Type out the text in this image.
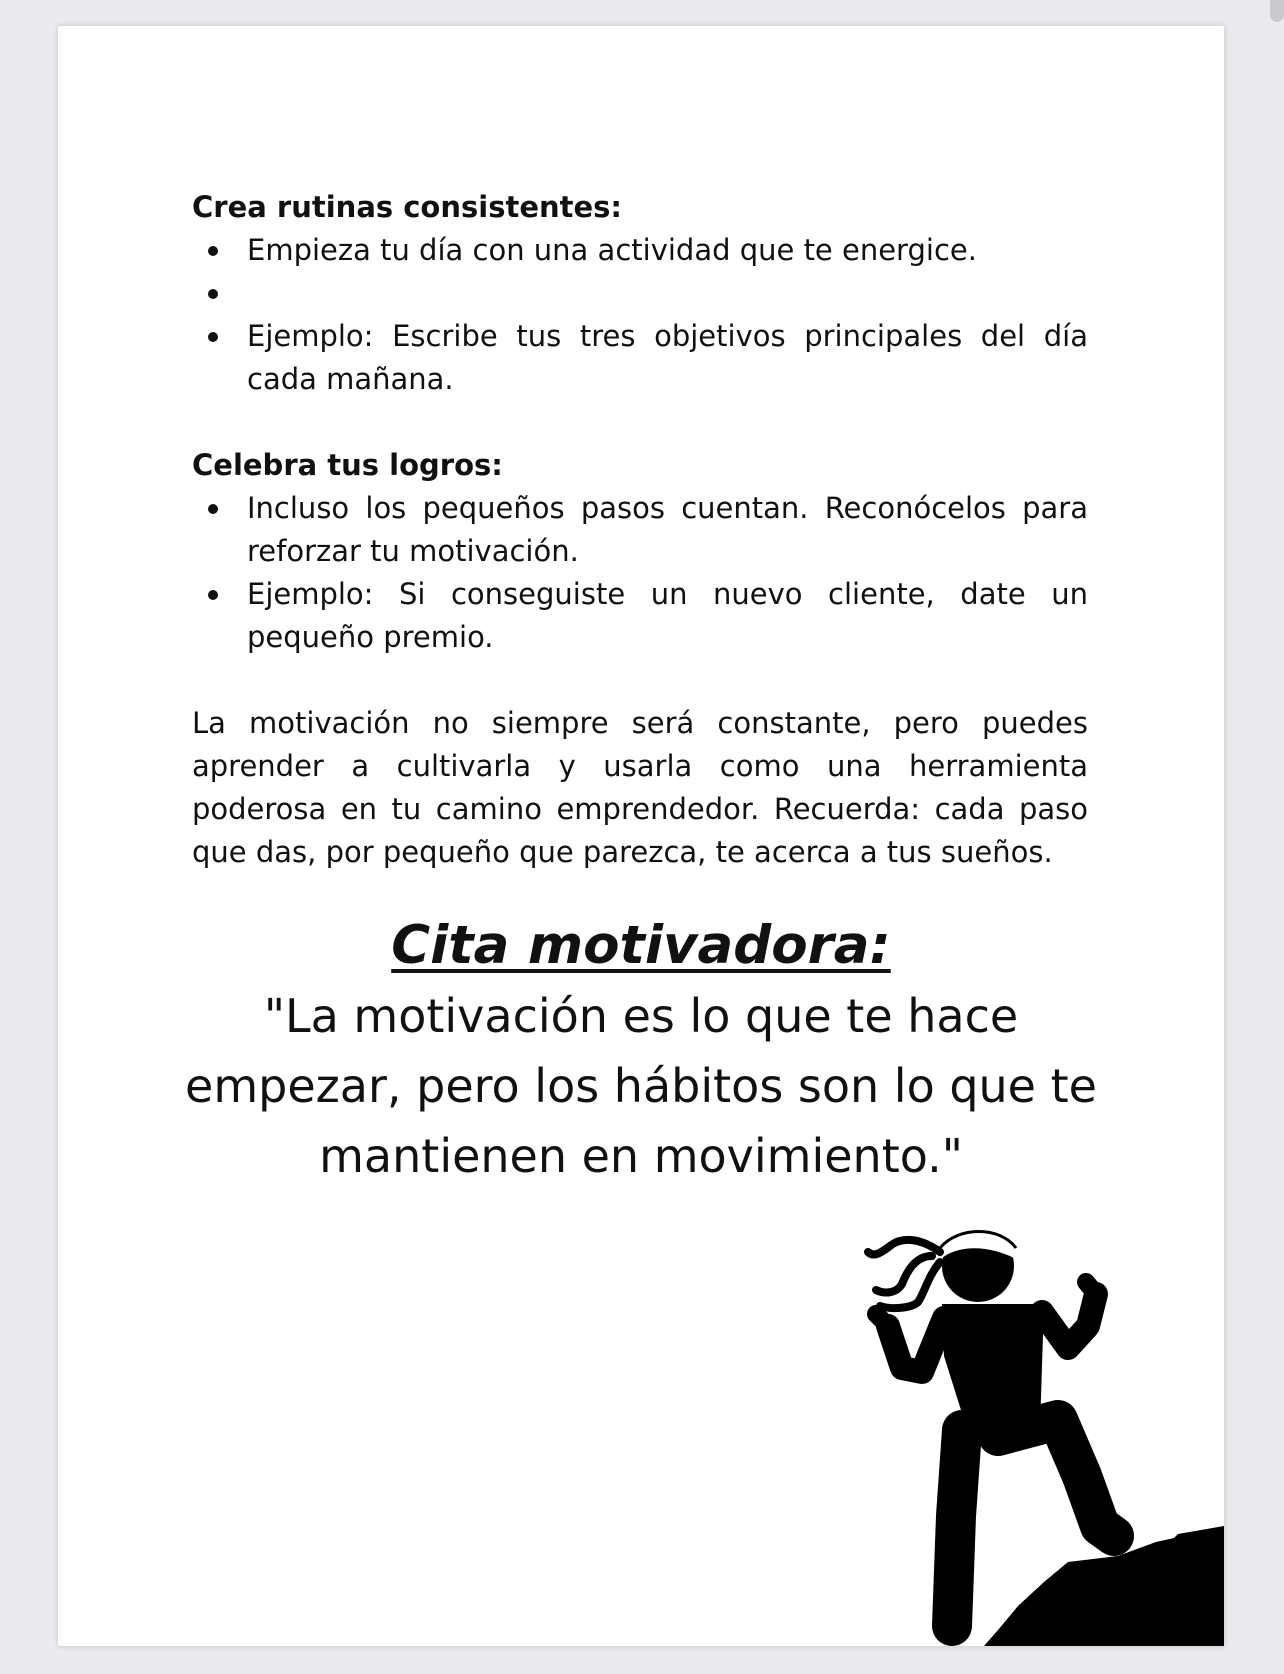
Crea rutinas consistentes:

Empieza tu día con una actividad que te energice.
Ejemplo: Escribe tus tres objetivos principales del día cada mañana.

Celebra tus logros:

Incluso los pequeños pasos cuentan. Reconócelos para reforzar tu motivación.
Ejemplo: Si conseguiste un nuevo cliente, date un pequeño premio.

La motivación no siempre será constante, pero puedes aprender a cultivarla y usarla como una herramienta poderosa en tu camino emprendedor. Recuerda: cada paso que das, por pequeño que parezca, te acerca a tus sueños.

Cita motivadora:
"La motivación es lo que te hace empezar, pero los hábitos son lo que te mantienen en movimiento."
